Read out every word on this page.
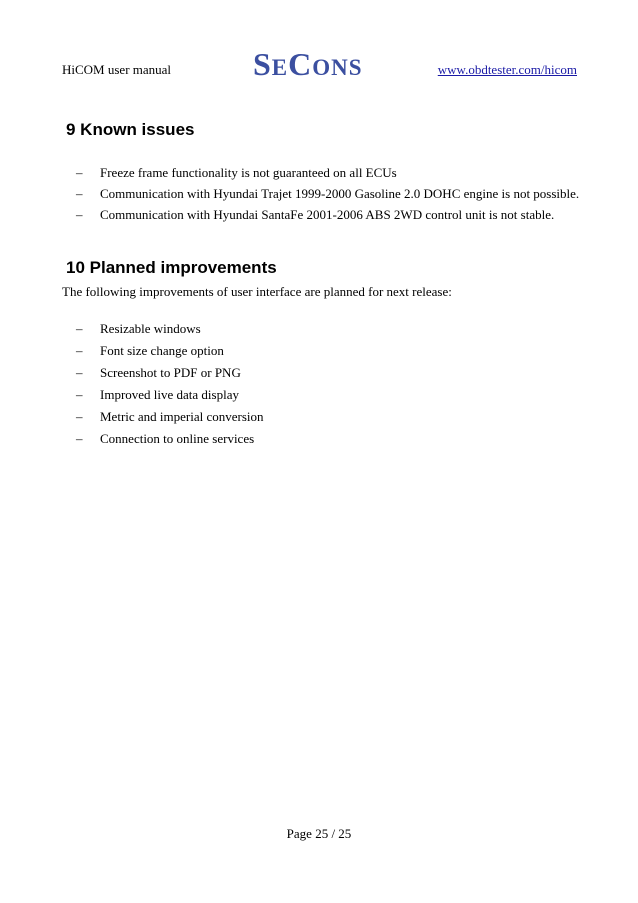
HiCOM user manual	SECONS	www.obdtester.com/hicom
9 Known issues
– Freeze frame functionality is not guaranteed on all ECUs
– Communication with Hyundai Trajet 1999-2000 Gasoline 2.0 DOHC engine is not possible.
– Communication with Hyundai SantaFe 2001-2006 ABS 2WD control unit is not stable.
10 Planned improvements
The following improvements of user interface are planned for next release:
– Resizable windows
– Font size change option
– Screenshot to PDF or PNG
– Improved live data display
– Metric and imperial conversion
– Connection to online services
Page 25 / 25
